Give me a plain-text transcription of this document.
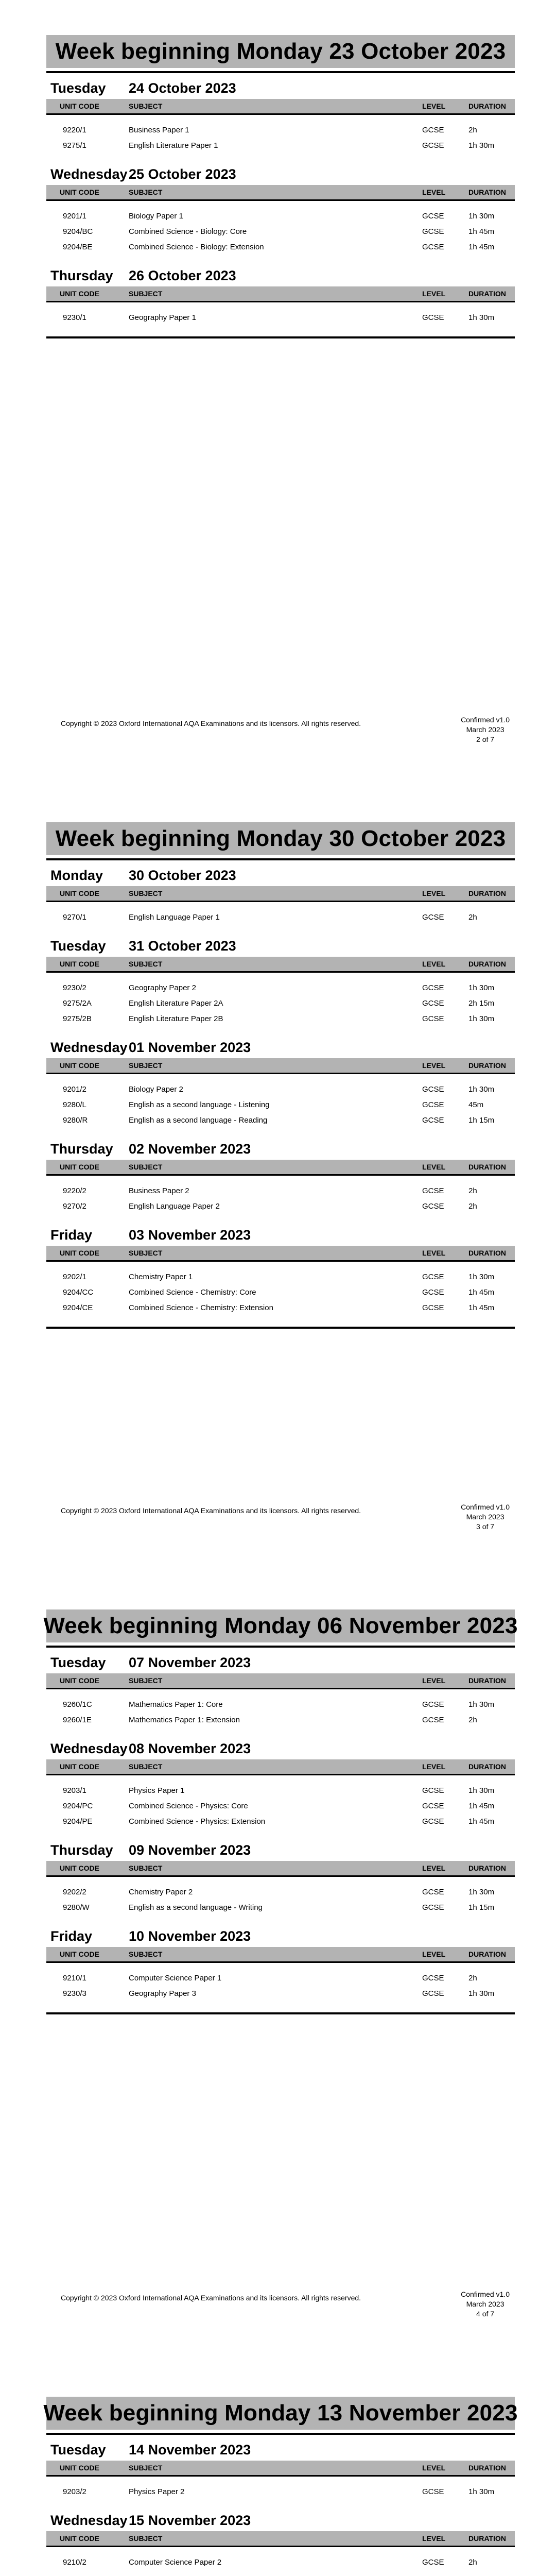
Week beginning Monday 23 October 2023
Tuesday	24 October 2023
UNIT CODE	SUBJECT	LEVEL	DURATION
9220/1	Business Paper 1	GCSE	2h
9275/1	English Literature Paper 1	GCSE	1h 30m
Wednesday 25 October 2023
UNIT CODE	SUBJECT	LEVEL	DURATION
9201/1	Biology Paper 1	GCSE	1h 30m
9204/BC	Combined Science - Biology: Core	GCSE	1h 45m
9204/BE	Combined Science - Biology: Extension	GCSE	1h 45m
Thursday	26 October 2023
UNIT CODE	SUBJECT	LEVEL	DURATION
9230/1	Geography Paper 1	GCSE	1h 30m
Copyright © 2023 Oxford International AQA Examinations and its licensors. All rights reserved.	Confirmed v1.0
March 2023
2 of 7
Week beginning Monday 30 October 2023
Monday	30 October 2023
UNIT CODE	SUBJECT	LEVEL	DURATION
9270/1	English Language Paper 1	GCSE	2h
Tuesday	31 October 2023
UNIT CODE	SUBJECT	LEVEL	DURATION
9230/2	Geography Paper 2	GCSE	1h 30m
9275/2A	English Literature Paper 2A	GCSE	2h 15m
9275/2B	English Literature Paper 2B	GCSE	1h 30m
Wednesday 01 November 2023
UNIT CODE	SUBJECT	LEVEL	DURATION
9201/2	Biology Paper 2	GCSE	1h 30m
9280/L	English as a second language - Listening	GCSE	45m
9280/R	English as a second language - Reading	GCSE	1h 15m
Thursday	02 November 2023
UNIT CODE	SUBJECT	LEVEL	DURATION
9220/2	Business Paper 2	GCSE	2h
9270/2	English Language Paper 2	GCSE	2h
Friday	03 November 2023
UNIT CODE	SUBJECT	LEVEL	DURATION
9202/1	Chemistry Paper 1	GCSE	1h 30m
9204/CC	Combined Science - Chemistry: Core	GCSE	1h 45m
9204/CE	Combined Science - Chemistry: Extension	GCSE	1h 45m
Copyright © 2023 Oxford International AQA Examinations and its licensors. All rights reserved.	Confirmed v1.0
March 2023
3 of 7
Week beginning Monday 06 November 2023
Tuesday	07 November 2023
UNIT CODE	SUBJECT	LEVEL	DURATION
9260/1C	Mathematics Paper 1: Core	GCSE	1h 30m
9260/1E	Mathematics Paper 1: Extension	GCSE	2h
Wednesday 08 November 2023
UNIT CODE	SUBJECT	LEVEL	DURATION
9203/1	Physics Paper 1	GCSE	1h 30m
9204/PC	Combined Science - Physics: Core	GCSE	1h 45m
9204/PE	Combined Science - Physics: Extension	GCSE	1h 45m
Thursday	09 November 2023
UNIT CODE	SUBJECT	LEVEL	DURATION
9202/2	Chemistry Paper 2	GCSE	1h 30m
9280/W	English as a second language - Writing	GCSE	1h 15m
Friday	10 November 2023
UNIT CODE	SUBJECT	LEVEL	DURATION
9210/1	Computer Science Paper 1	GCSE	2h
9230/3	Geography Paper 3	GCSE	1h 30m
Copyright © 2023 Oxford International AQA Examinations and its licensors. All rights reserved.	Confirmed v1.0
March 2023
4 of 7
Week beginning Monday 13 November 2023
Tuesday	14 November 2023
UNIT CODE	SUBJECT	LEVEL	DURATION
9203/2	Physics Paper 2	GCSE	1h 30m
Wednesday 15 November 2023
UNIT CODE	SUBJECT	LEVEL	DURATION
9210/2	Computer Science Paper 2	GCSE	2h
